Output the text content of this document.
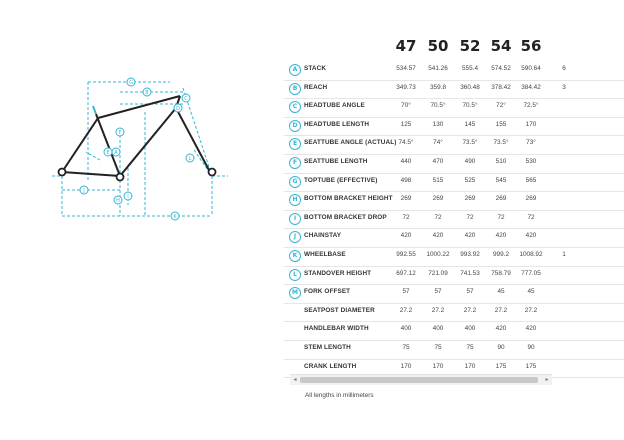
A
B
C
D
E
F
G
H
I
J
K
L
47 50 52 54 56
A	STACK	534.57	541.26	555.4	574.52	590.64	6
B	REACH	349.73	359.8	360.48	378.42	384.42	3
C	HEADTUBE ANGLE	70°	70.5°	70.5°	72°	72.5°
D	HEADTUBE LENGTH	125	130	145	155	170
E	SEATTUBE ANGLE (ACTUAL) 74.5°	74°	73.5°	73.5°	73°
F	SEATTUBE LENGTH	440	470	490	510	530
G	TOPTUBE (EFFECTIVE)	498	515	525	545	565
H	BOTTOM BRACKET HEIGHT	269	269	269	269	269
I	BOTTOM BRACKET DROP	72	72	72	72	72
J	CHAINSTAY	420	420	420	420	420
K	WHEELBASE	992.55	1000.22	993.92	999.2	1008.92	1
L	STANDOVER HEIGHT	697.12	721.09	741.53	758.79	777.05
M FORK OFFSET	57	57	57	45	45
SEATPOST DIAMETER	27.2	27.2	27.2	27.2	27.2
HANDLEBAR WIDTH	400	400	400	420	420
STEM LENGTH	75	75	75	90	90
CRANK LENGTH	170	170	170	175	175
◂	▸
All lengths in millimeters
